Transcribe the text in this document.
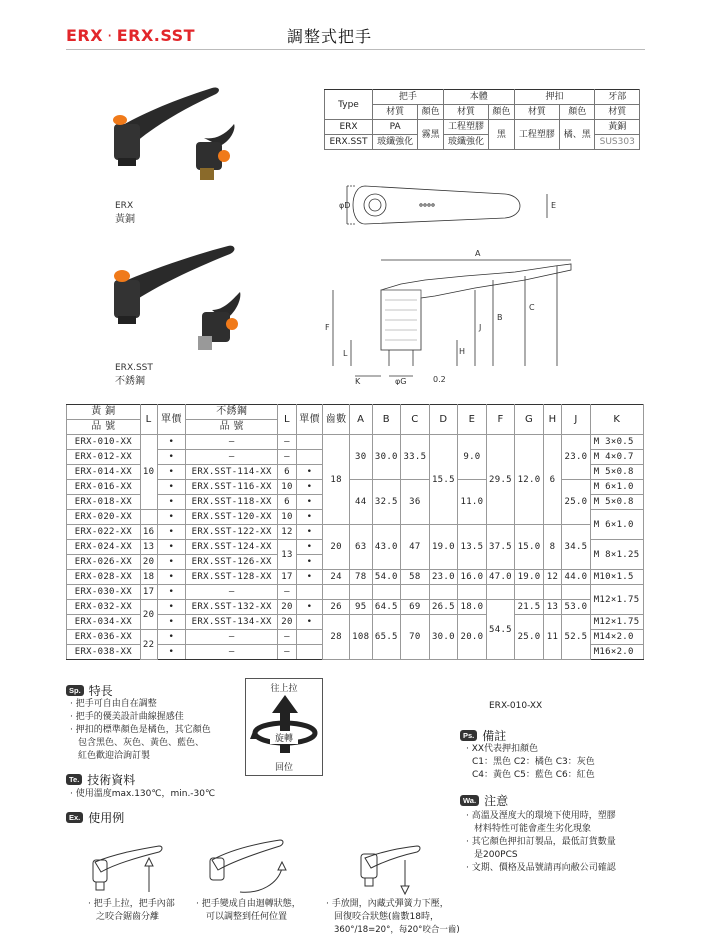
ERX · ERX.SST	調整式把手
Type	把手		本體		押扣		牙部
	材質	顏色	材質	顏色	材質	顏色	材質
ERX	PA	霧黑	工程塑膠	黑	工程塑膠	橘、黑	黃銅
ERX.SST	玻纖強化		玻纖強化				SUS303
ERX
黃銅
ERX.SST
不銹鋼
φD	E
A
F
L
J
B
C
H
K	φG	0.2
黃 銅	L	單價	不銹鋼	L	單價	齒數	A	B	C	D	E	F	G	H	J	K
品 號			品 號													
ERX-010-XX	10	•	–	–		18	30	30.0	33.5	15.5	9.0	29.5	12.0	6	23.0	M 3×0.5
ERX-012-XX		•	–	–												M 4×0.7
ERX-014-XX		•	ERX.SST-114-XX	6	•											M 5×0.8
ERX-016-XX		•	ERX.SST-116-XX	10	•		44	32.5	36		11.0				25.0	M 6×1.0
ERX-018-XX		•	ERX.SST-118-XX	6	•											M 5×0.8
ERX-020-XX		•	ERX.SST-120-XX	10	•											M 6×1.0
ERX-022-XX	16	•	ERX.SST-122-XX	12	•	20	63	43.0	47	19.0	13.5	37.5	15.0	8	34.5	
ERX-024-XX	13	•	ERX.SST-124-XX	13	•											M 8×1.25
ERX-026-XX	20	•	ERX.SST-126-XX		•											
ERX-028-XX	18	•	ERX.SST-128-XX	17	•	24	78	54.0	58	23.0	16.0	47.0	19.0	12	44.0	M10×1.5
ERX-030-XX	17	•	–	–												M12×1.75
ERX-032-XX	20	•	ERX.SST-132-XX	20	•	26	95	64.5	69	26.5	18.0	54.5	21.5	13	53.0	
ERX-034-XX		•	ERX.SST-134-XX	20	•	28	108	65.5	70	30.0	20.0		25.0	11	52.5	M12×1.75
ERX-036-XX	22	•	–	–												M14×2.0
ERX-038-XX		•	–	–												M16×2.0
Sp. 特長
· 把手可自由自在調整
· 把手的優美設計曲線握感佳
· 押扣的標準顏色是橘色，其它顏色
包含黑色、灰色、黃色、藍色、
紅色歡迎洽詢訂製
Te. 技術資料
· 使用溫度max.130℃，min.-30℃
Ex. 使用例
往上拉
旋轉
回位
ERX-010-XX
Ps. 備註
· XX代表押扣顏色
C1：黑色 C2：橘色 C3：灰色
C4：黃色 C5：藍色 C6：紅色
Wa. 注意
· 高溫及溼度大的環境下使用時，塑膠
材料特性可能會產生劣化現象
· 其它顏色押扣訂製品，最低訂貨數量
是200PCS
· 文期、價格及品號請再向敝公司確認
· 把手上拉，把手內部
之咬合鋸齒分離
· 把手變成自由迴轉狀態，
可以調整到任何位置
· 手放開，內藏式彈簧力下壓，
回復咬合狀態(齒數18時，
360°/18=20°，每20°咬合一齒)
